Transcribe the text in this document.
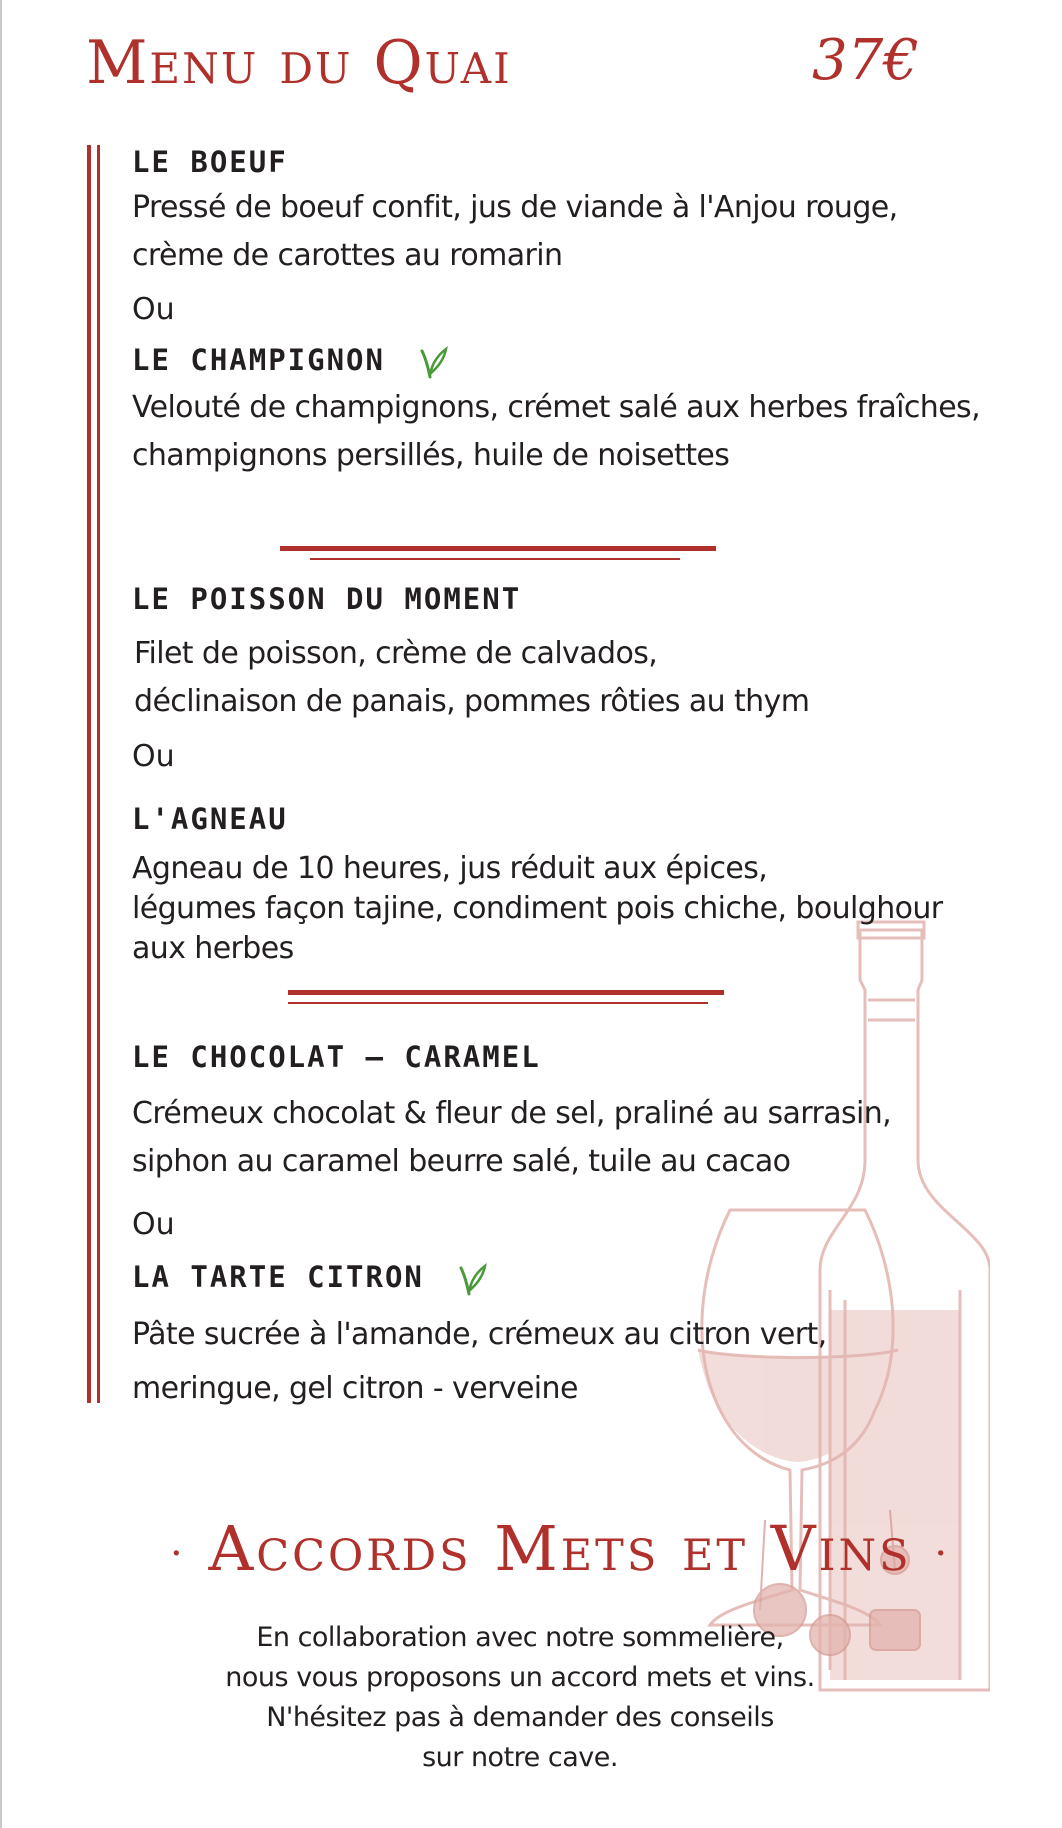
Menu du Quai	37€
LE BOEUF
Pressé de boeuf confit, jus de viande à l'Anjou rouge,
crème de carottes au romarin
Ou
LE CHAMPIGNON
Velouté de champignons, crémet salé aux herbes fraîches,
champignons persillés, huile de noisettes
LE POISSON DU MOMENT
Filet de poisson, crème de calvados,
déclinaison de panais, pommes rôties au thym
Ou
L'AGNEAU
Agneau de 10 heures, jus réduit aux épices,
légumes façon tajine, condiment pois chiche, boulghour
aux herbes
LE CHOCOLAT – CARAMEL
Crémeux chocolat & fleur de sel, praliné au sarrasin,
siphon au caramel beurre salé, tuile au cacao
Ou
LA TARTE CITRON
Pâte sucrée à l'amande, crémeux au citron vert,
meringue, gel citron - verveine
· Accords Mets et Vins ·
En collaboration avec notre sommelière,
nous vous proposons un accord mets et vins.
N'hésitez pas à demander des conseils
sur notre cave.
